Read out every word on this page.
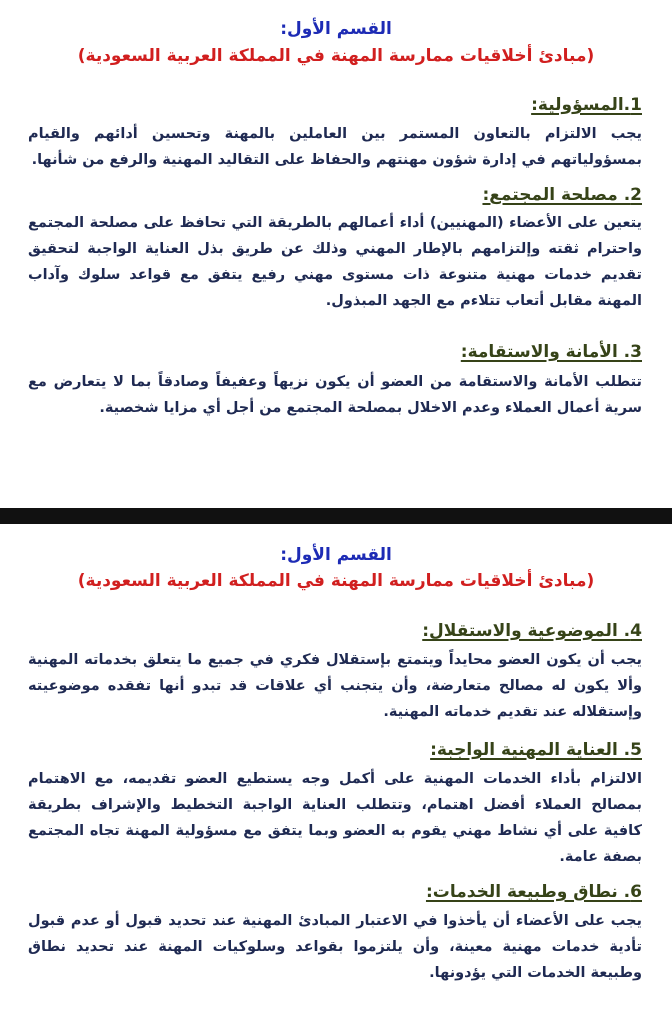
القسم الأول:
(مبادئ أخلاقيات ممارسة المهنة في المملكة العربية السعودية)
1.المسؤولية:
يجب الالتزام بالتعاون المستمر بين العاملين بالمهنة وتحسين أدائهم والقيام بمسؤولياتهم في إدارة شؤون مهنتهم والحفاظ على التقاليد المهنية والرفع من شأنها.
2. مصلحة المجتمع:
يتعين على الأعضاء (المهنيين) أداء أعمالهم بالطريقة التي تحافظ على مصلحة المجتمع واحترام ثقته وإلتزامهم بالإطار المهني وذلك عن طريق بذل العناية الواجبة لتحقيق تقديم خدمات مهنية متنوعة ذات مستوى مهني رفيع يتفق مع قواعد سلوك وآداب المهنة مقابل أتعاب تتلاءم مع الجهد المبذول.
3. الأمانة والاستقامة:
تتطلب الأمانة والاستقامة من العضو أن يكون نزيهاً وعفيفاً وصادقاً بما لا يتعارض مع سرية أعمال العملاء وعدم الاخلال بمصلحة المجتمع من أجل أي مزايا شخصية.
القسم الأول:
(مبادئ أخلاقيات ممارسة المهنة في المملكة العربية السعودية)
4. الموضوعية والاستقلال:
يجب أن يكون العضو محايداً ويتمتع بإستقلال فكري في جميع ما يتعلق بخدماته المهنية وألا يكون له مصالح متعارضة، وأن يتجنب أي علاقات قد تبدو أنها تفقده موضوعيته وإستقلاله عند تقديم خدماته المهنية.
5. العناية المهنية الواجبة:
الالتزام بأداء الخدمات المهنية على أكمل وجه يستطيع العضو تقديمه، مع الاهتمام بمصالح العملاء أفضل اهتمام، وتتطلب العناية الواجبة التخطيط والإشراف بطريقة كافية على أي نشاط مهني يقوم به العضو وبما يتفق مع مسؤولية المهنة تجاه المجتمع بصفة عامة.
6. نطاق وطبيعة الخدمات:
يجب على الأعضاء أن يأخذوا في الاعتبار المبادئ المهنية عند تحديد قبول أو عدم قبول تأدية خدمات مهنية معينة، وأن يلتزموا بقواعد وسلوكيات المهنة عند تحديد نطاق وطبيعة الخدمات التي يؤدونها.
